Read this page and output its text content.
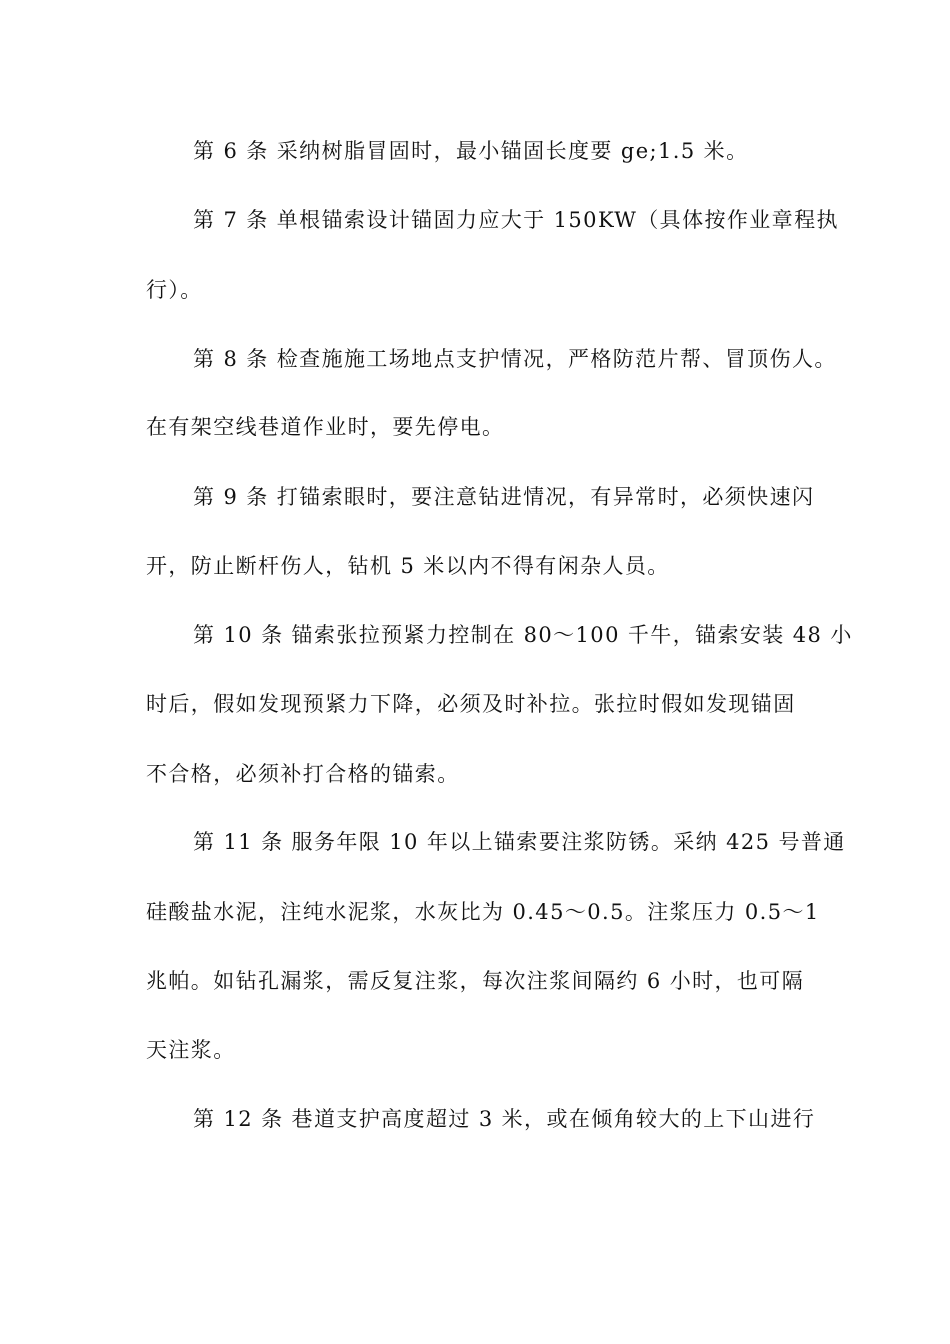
第 6 条 采纳树脂冒固时，最小锚固长度要 ge;1.5 米。
第 7 条 单根锚索设计锚固力应大于 150KW（具体按作业章程执
行）。
第 8 条 检查施施工场地点支护情况，严格防范片帮、冒顶伤人。
在有架空线巷道作业时，要先停电。
第 9 条 打锚索眼时，要注意钻进情况，有异常时，必须快速闪
开，防止断杆伤人，钻机 5 米以内不得有闲杂人员。
第 10 条 锚索张拉预紧力控制在 80～100 千牛，锚索安装 48 小
时后，假如发现预紧力下降，必须及时补拉。张拉时假如发现锚固
不合格，必须补打合格的锚索。
第 11 条 服务年限 10 年以上锚索要注浆防锈。采纳 425 号普通
硅酸盐水泥，注纯水泥浆，水灰比为 0.45～0.5。注浆压力 0.5～1
兆帕。如钻孔漏浆，需反复注浆，每次注浆间隔约 6 小时，也可隔
天注浆。
第 12 条 巷道支护高度超过 3 米，或在倾角较大的上下山进行
